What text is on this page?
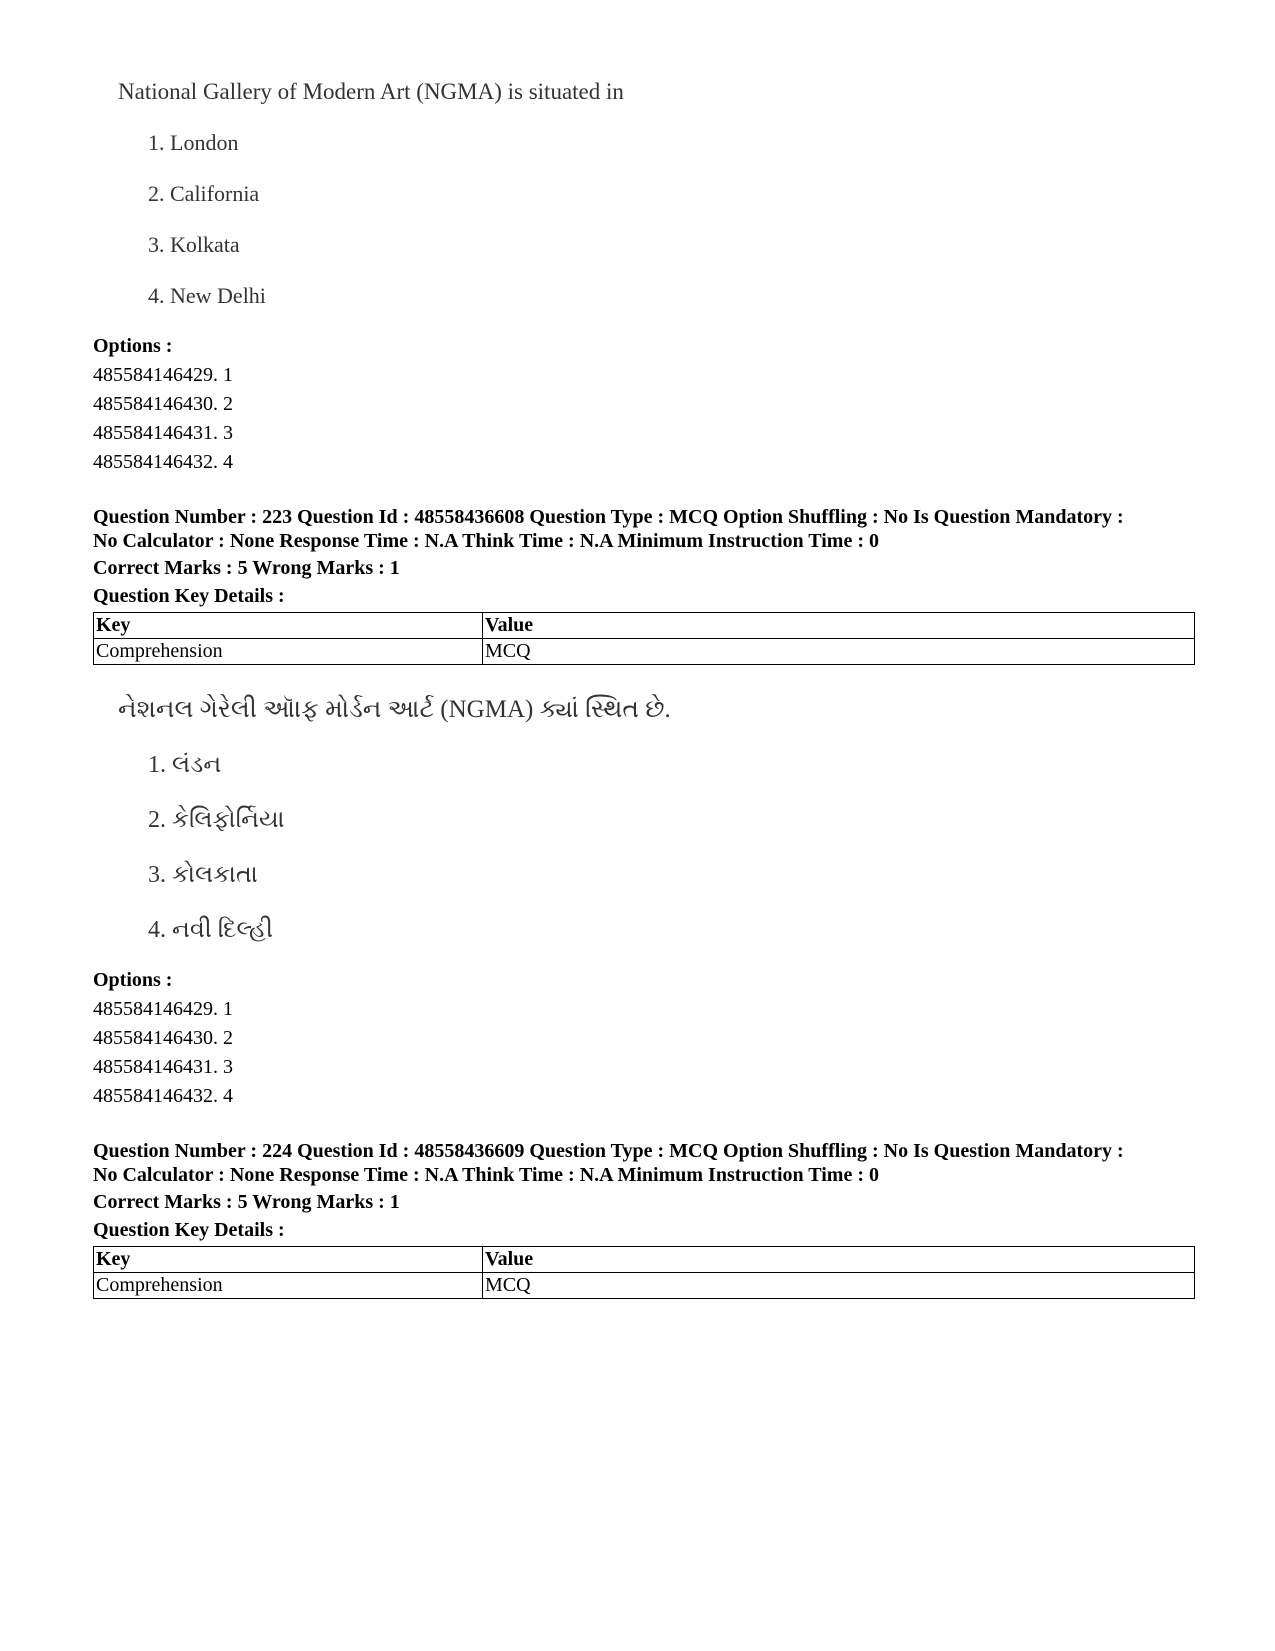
National Gallery of Modern Art (NGMA) is situated in
1. London
2. California
3. Kolkata
4. New Delhi
Options :
485584146429. 1
485584146430. 2
485584146431. 3
485584146432. 4
Question Number : 223 Question Id : 48558436608 Question Type : MCQ Option Shuffling : No Is Question Mandatory :
No Calculator : None Response Time : N.A Think Time : N.A Minimum Instruction Time : 0
Correct Marks : 5 Wrong Marks : 1
Question Key Details :
Key	Value
Comprehension	MCQ
નેશનલ ગેરેલી ઑાફ મોર્ડન આર્ટ (NGMA) ક્યાં સ્થિત છે.
1. લંડન
2. કેલિફોર્નિયા
3. કોલકાતા
4. નવી દિલ્હી
Options :
485584146429. 1
485584146430. 2
485584146431. 3
485584146432. 4
Question Number : 224 Question Id : 48558436609 Question Type : MCQ Option Shuffling : No Is Question Mandatory :
No Calculator : None Response Time : N.A Think Time : N.A Minimum Instruction Time : 0
Correct Marks : 5 Wrong Marks : 1
Question Key Details :
Key	Value
Comprehension	MCQ
